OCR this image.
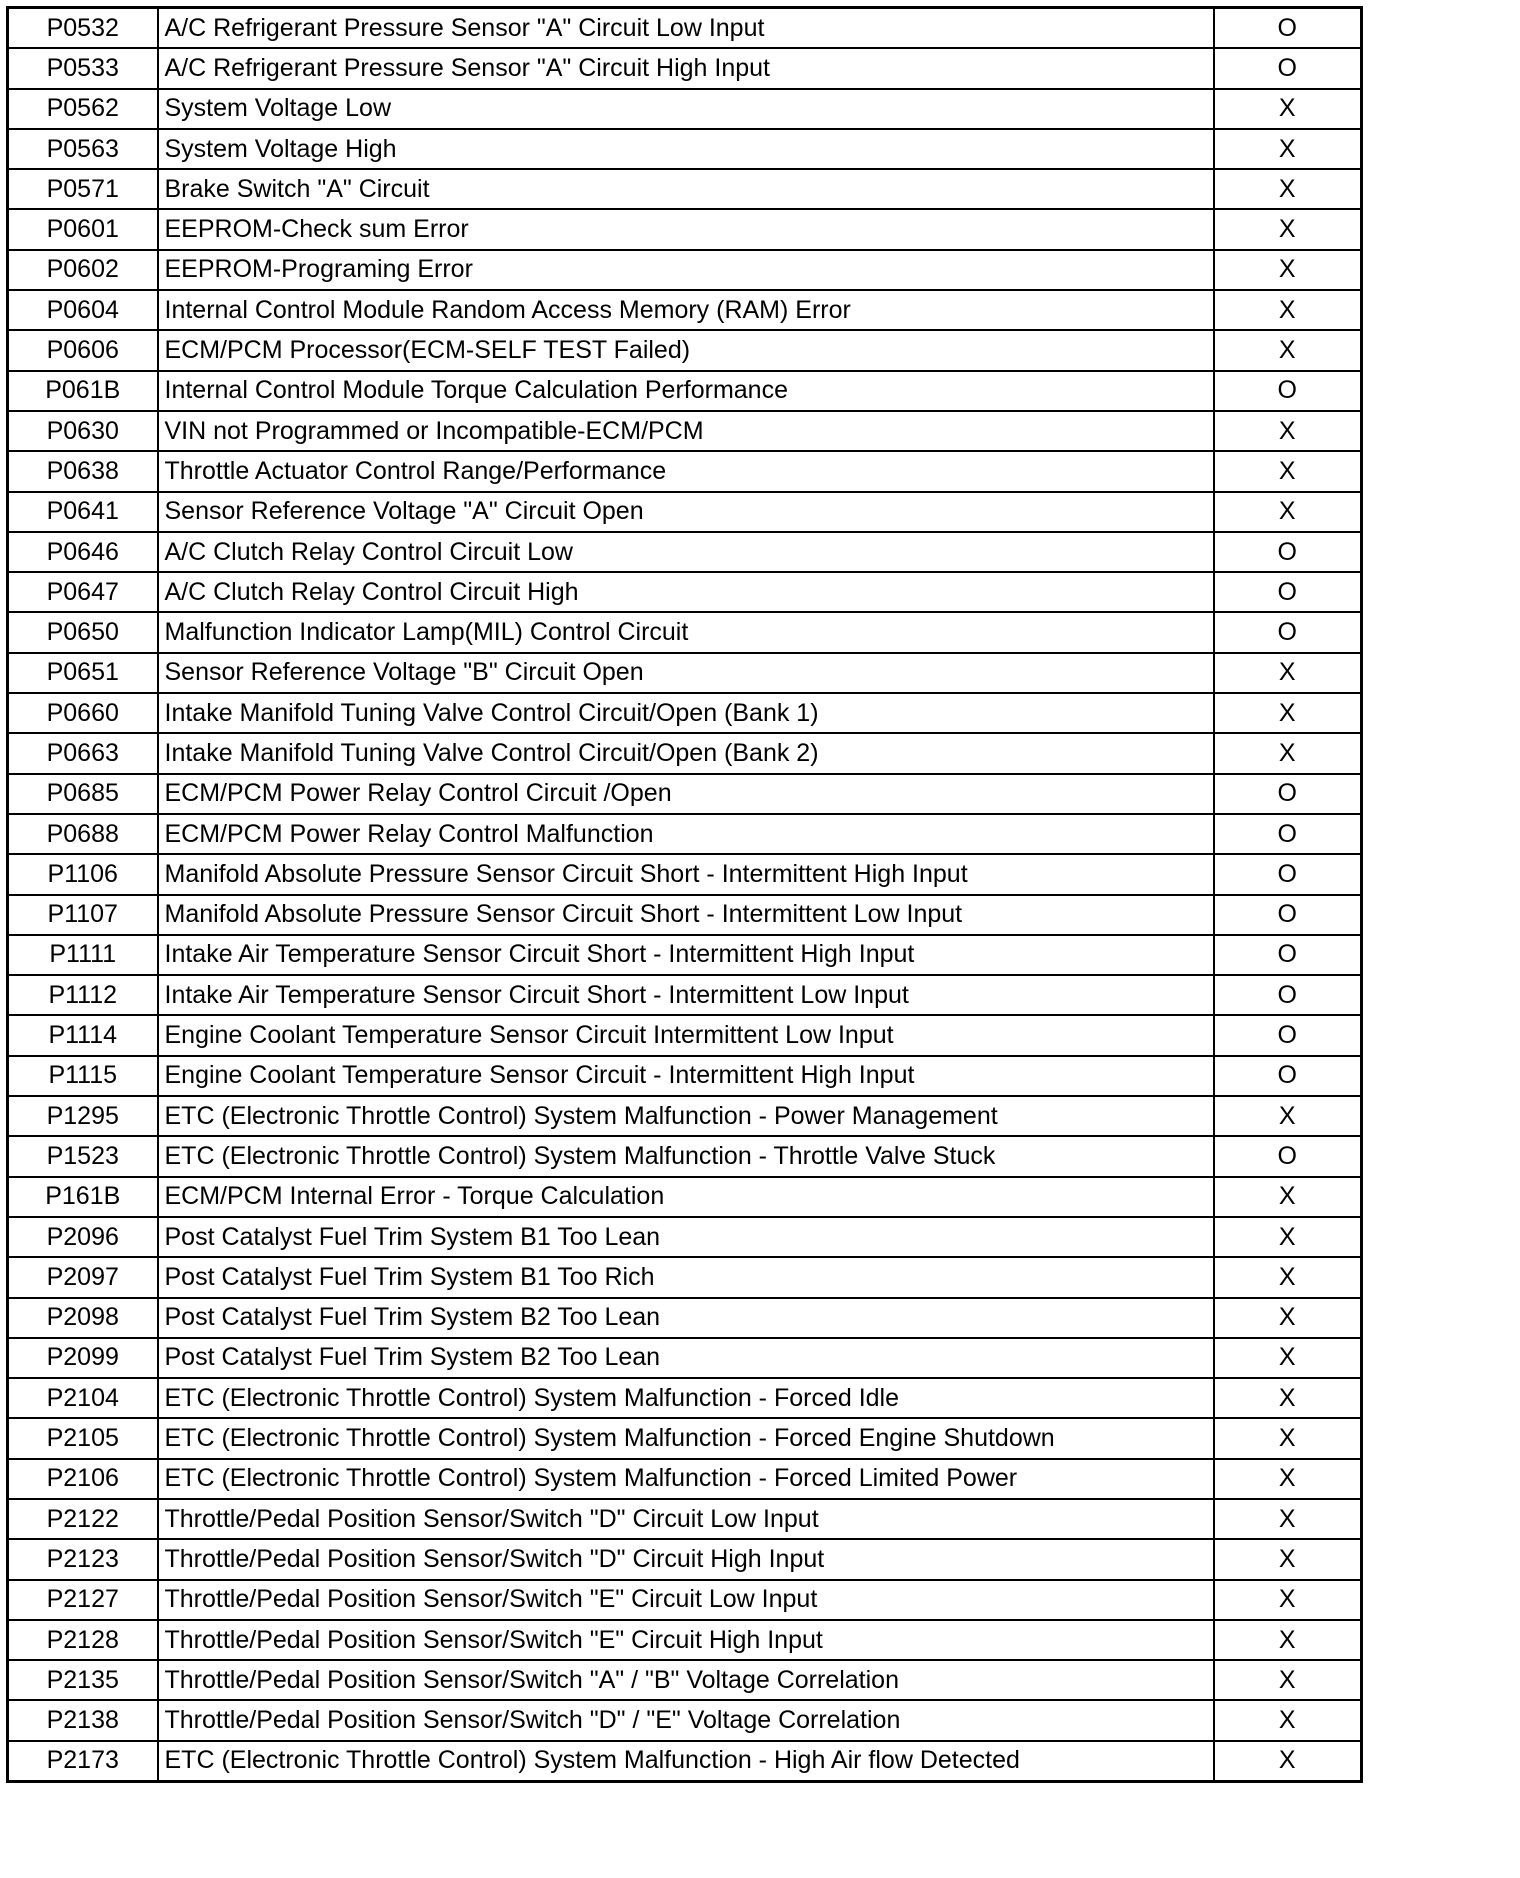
P0532	A/C Refrigerant Pressure Sensor "A" Circuit Low Input	O
P0533	A/C Refrigerant Pressure Sensor "A" Circuit High Input	O
P0562	System Voltage Low	X
P0563	System Voltage High	X
P0571	Brake Switch "A" Circuit	X
P0601	EEPROM-Check sum Error	X
P0602	EEPROM-Programing Error	X
P0604	Internal Control Module Random Access Memory (RAM) Error	X
P0606	ECM/PCM Processor(ECM-SELF TEST Failed)	X
P061B	Internal Control Module Torque Calculation Performance	O
P0630	VIN not Programmed or Incompatible-ECM/PCM	X
P0638	Throttle Actuator Control Range/Performance	X
P0641	Sensor Reference Voltage "A" Circuit Open	X
P0646	A/C Clutch Relay Control Circuit Low	O
P0647	A/C Clutch Relay Control Circuit High	O
P0650	Malfunction Indicator Lamp(MIL) Control Circuit	O
P0651	Sensor Reference Voltage "B" Circuit Open	X
P0660	Intake Manifold Tuning Valve Control Circuit/Open (Bank 1)	X
P0663	Intake Manifold Tuning Valve Control Circuit/Open (Bank 2)	X
P0685	ECM/PCM Power Relay Control Circuit /Open	O
P0688	ECM/PCM Power Relay Control Malfunction	O
P1106	Manifold Absolute Pressure Sensor Circuit Short - Intermittent High Input	O
P1107	Manifold Absolute Pressure Sensor Circuit Short - Intermittent Low Input	O
P1111	Intake Air Temperature Sensor Circuit Short - Intermittent High Input	O
P1112	Intake Air Temperature Sensor Circuit Short - Intermittent Low Input	O
P1114	Engine Coolant Temperature Sensor Circuit Intermittent Low Input	O
P1115	Engine Coolant Temperature Sensor Circuit - Intermittent High Input	O
P1295	ETC (Electronic Throttle Control) System Malfunction - Power Management	X
P1523	ETC (Electronic Throttle Control) System Malfunction - Throttle Valve Stuck	O
P161B	ECM/PCM Internal Error - Torque Calculation	X
P2096	Post Catalyst Fuel Trim System B1 Too Lean	X
P2097	Post Catalyst Fuel Trim System B1 Too Rich	X
P2098	Post Catalyst Fuel Trim System B2 Too Lean	X
P2099	Post Catalyst Fuel Trim System B2 Too Lean	X
P2104	ETC (Electronic Throttle Control) System Malfunction - Forced Idle	X
P2105	ETC (Electronic Throttle Control) System Malfunction - Forced Engine Shutdown	X
P2106	ETC (Electronic Throttle Control) System Malfunction - Forced Limited Power	X
P2122	Throttle/Pedal Position Sensor/Switch "D" Circuit Low Input	X
P2123	Throttle/Pedal Position Sensor/Switch "D" Circuit High Input	X
P2127	Throttle/Pedal Position Sensor/Switch "E" Circuit Low Input	X
P2128	Throttle/Pedal Position Sensor/Switch "E" Circuit High Input	X
P2135	Throttle/Pedal Position Sensor/Switch "A" / "B" Voltage Correlation	X
P2138	Throttle/Pedal Position Sensor/Switch "D" / "E" Voltage Correlation	X
P2173	ETC (Electronic Throttle Control) System Malfunction - High Air flow Detected	X
